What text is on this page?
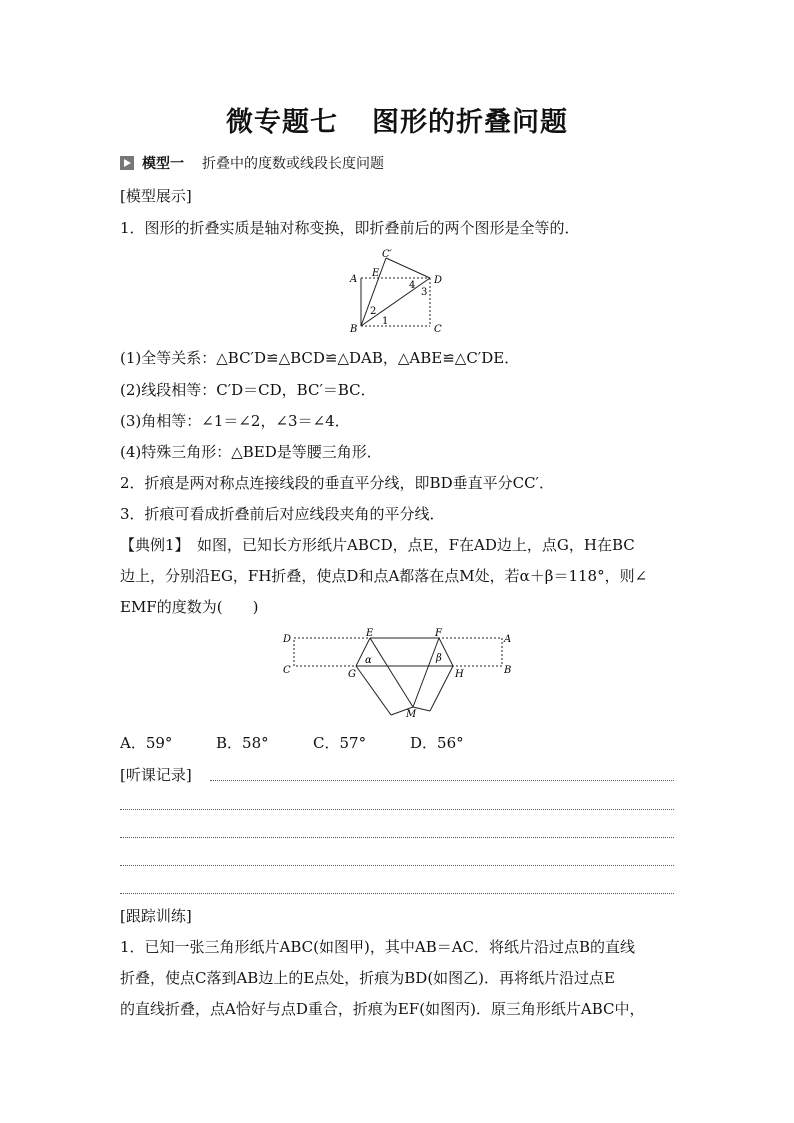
微专题七 图形的折叠问题
模型一 折叠中的度数或线段长度问题
[模型展示]
1．图形的折叠实质是轴对称变换，即折叠前后的两个图形是全等的．
A
B	C
C′
D
E
1
2
3
4
(1)全等关系：△BC′D≌△BCD≌△DAB，△ABE≌△C′DE．
(2)线段相等：C′D＝CD，BC′＝BC．
(3)角相等：∠1＝∠2，∠3＝∠4．
(4)特殊三角形：△BED是等腰三角形．
2．折痕是两对称点连接线段的垂直平分线，即BD垂直平分CC′．
3．折痕可看成折叠前后对应线段夹角的平分线．
【典例1】　如图，已知长方形纸片ABCD，点E，F在AD边上，点G，H在BC
边上，分别沿EG，FH折叠，使点D和点A都落在点M处，若α＋β＝118°，则∠
EMF的度数为(　　)
D
C
E	F
A
B
G	H
M
α	β
A．59°	B．58°	C．57°	D．56°
[听课记录]
[跟踪训练]
1．已知一张三角形纸片ABC(如图甲)，其中AB＝AC．将纸片沿过点B的直线
折叠，使点C落到AB边上的E点处，折痕为BD(如图乙)．再将纸片沿过点E
的直线折叠，点A恰好与点D重合，折痕为EF(如图丙)．原三角形纸片ABC中，
